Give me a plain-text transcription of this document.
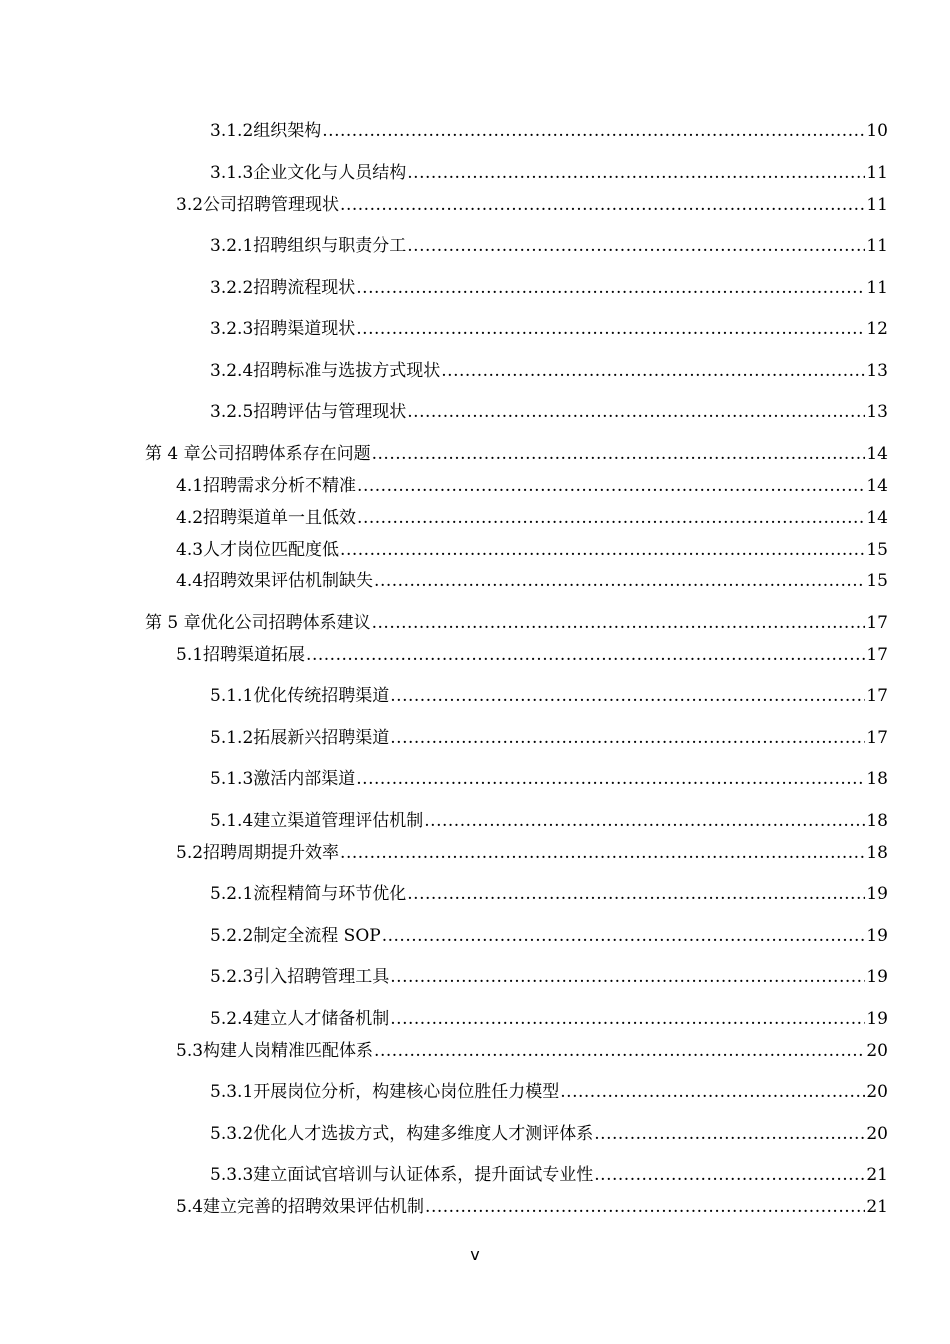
3.1.2 组织架构 .....	10
3.1.3 企业文化与人员结构 .....	11
3.2 公司招聘管理现状 .....	11
3.2.1 招聘组织与职责分工 .....	11
3.2.2 招聘流程现状 .....	11
3.2.3 招聘渠道现状 .....	12
3.2.4 招聘标准与选拔方式现状 .....	13
3.2.5 招聘评估与管理现状 .....	13
第 4 章 公司招聘体系存在问题 .....	14
4.1 招聘需求分析不精准 .....	14
4.2 招聘渠道单一且低效 .....	14
4.3 人才岗位匹配度低 .....	15
4.4 招聘效果评估机制缺失 .....	15
第 5 章 优化公司招聘体系建议 .....	17
5.1 招聘渠道拓展 .....	17
5.1.1 优化传统招聘渠道 .....	17
5.1.2 拓展新兴招聘渠道 .....	17
5.1.3 激活内部渠道 .....	18
5.1.4 建立渠道管理评估机制 .....	18
5.2 招聘周期提升效率 .....	18
5.2.1 流程精简与环节优化 .....	19
5.2.2 制定全流程 SOP .....	19
5.2.3 引入招聘管理工具 .....	19
5.2.4 建立人才储备机制 .....	19
5.3 构建人岗精准匹配体系 .....	20
5.3.1 开展岗位分析，构建核心岗位胜任力模型 .....	20
5.3.2 优化人才选拔方式，构建多维度人才测评体系 .....	20
5.3.3 建立面试官培训与认证体系，提升面试专业性 .....	21
5.4 建立完善的招聘效果评估机制 .....	21
v
